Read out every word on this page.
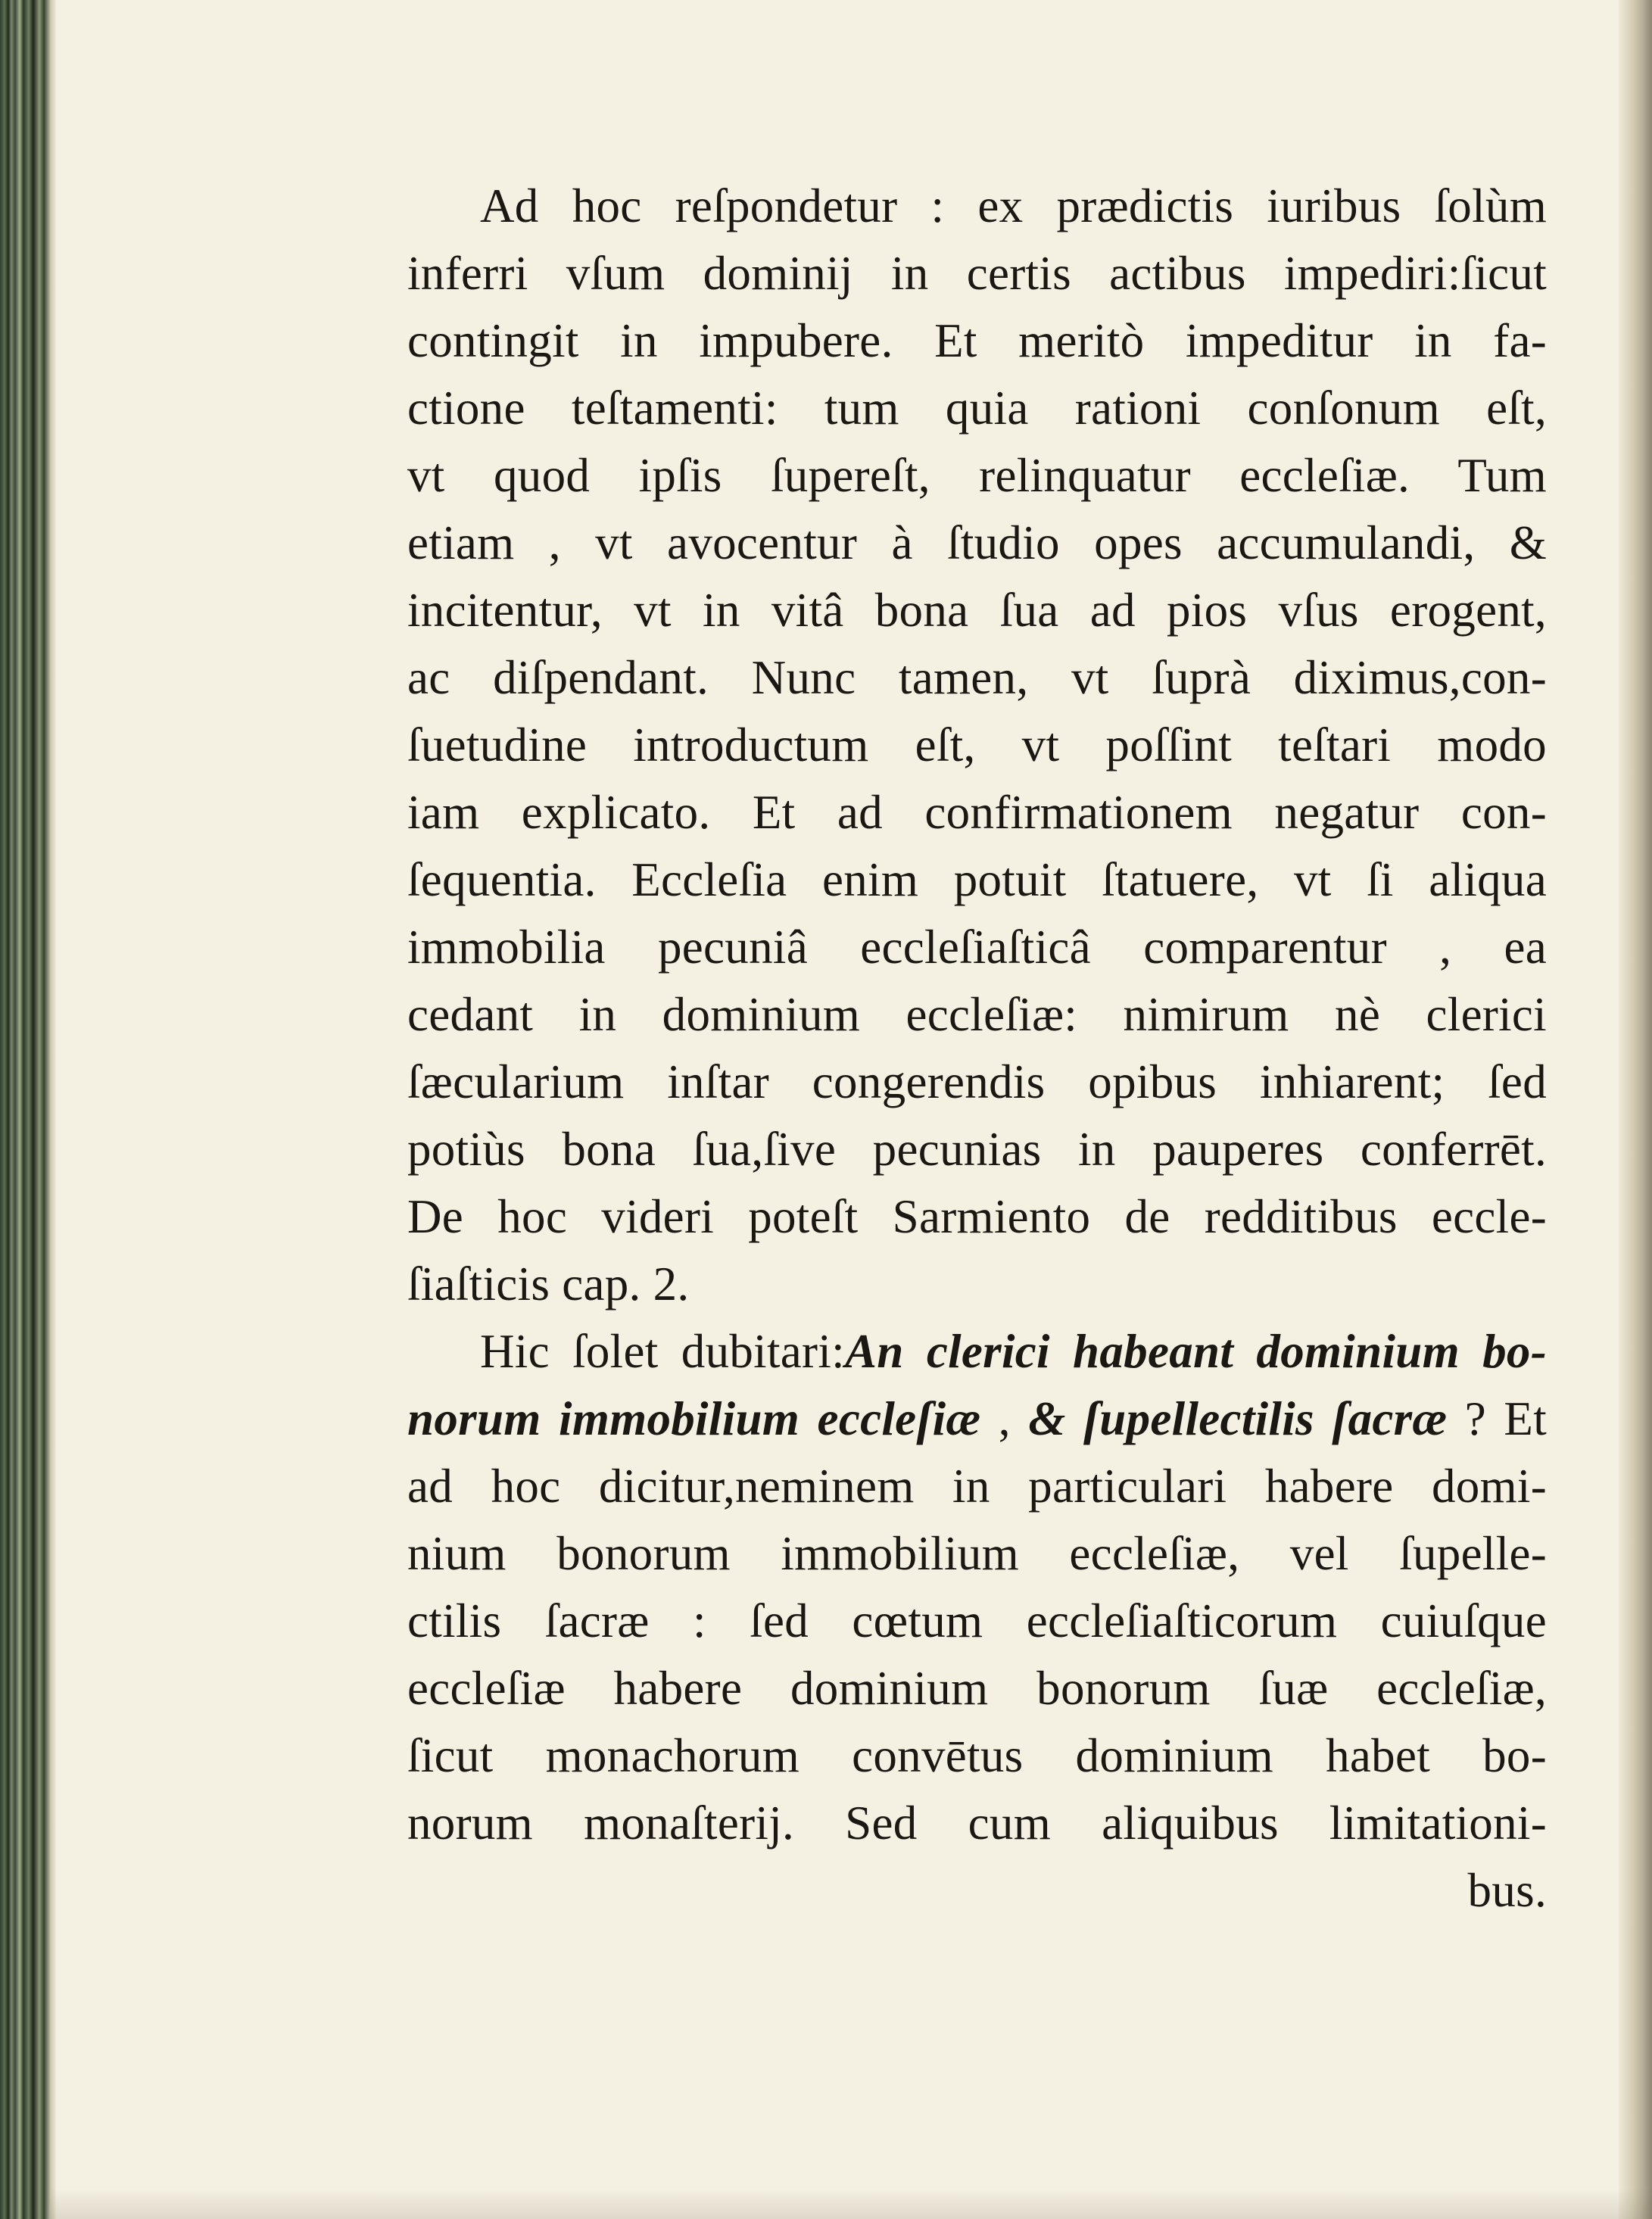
Ad hoc reſpondetur : ex prædictis iuribus ſolùm
inferri vſum dominij in certis actibus impediri:ſicut
contingit in impubere. Et meritò impeditur in fa-
ctione teſtamenti: tum quia rationi conſonum eſt,
vt quod ipſis ſupereſt, relinquatur eccleſiæ. Tum
etiam , vt avocentur à ſtudio opes accumulandi, &
incitentur, vt in vitâ bona ſua ad pios vſus erogent,
ac diſpendant. Nunc tamen, vt ſuprà diximus,con-
ſuetudine introductum eſt, vt poſſint teſtari modo
iam explicato. Et ad confirmationem negatur con-
ſequentia. Eccleſia enim potuit ſtatuere, vt ſi aliqua
immobilia pecuniâ eccleſiaſticâ comparentur , ea
cedant in dominium eccleſiæ: nimirum nè clerici
ſæcularium inſtar congerendis opibus inhiarent; ſed
potiùs bona ſua,ſive pecunias in pauperes conferrēt.
De hoc videri poteſt Sarmiento de redditibus eccle-
ſiaſticis cap. 2.
Hic ſolet dubitari:An clerici habeant dominium bo-
norum immobilium eccleſiæ , & ſupellectilis ſacræ ? Et
ad hoc dicitur,neminem in particulari habere domi-
nium bonorum immobilium eccleſiæ, vel ſupelle-
ctilis ſacræ : ſed cœtum eccleſiaſticorum cuiuſque
eccleſiæ habere dominium bonorum ſuæ eccleſiæ,
ſicut monachorum convētus dominium habet bo-
norum monaſterij. Sed cum aliquibus limitationi-
bus.
